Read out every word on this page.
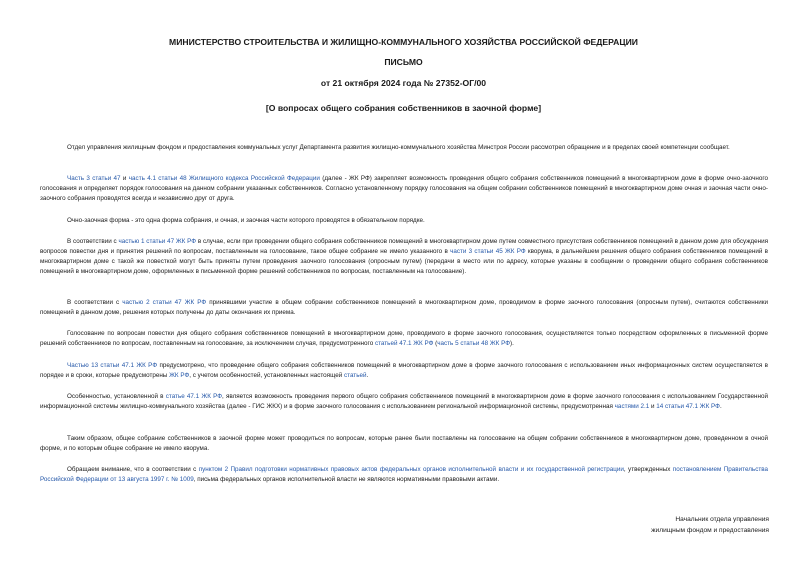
МИНИСТЕРСТВО СТРОИТЕЛЬСТВА И ЖИЛИЩНО-КОММУНАЛЬНОГО ХОЗЯЙСТВА РОССИЙСКОЙ ФЕДЕРАЦИИ
ПИСЬМО
от 21 октября 2024 года № 27352-ОГ/00
[О вопросах общего собрания собственников в заочной форме]
Отдел управления жилищным фондом и предоставления коммунальных услуг Департамента развития жилищно-коммунального хозяйства Минстроя России рассмотрел обращение и в пределах своей компетенции сообщает.
Часть 3 статьи 47 и часть 4.1 статьи 48 Жилищного кодекса Российской Федерации (далее - ЖК РФ) закрепляет возможность проведения общего собрания собственников помещений в многоквартирном доме в форме очно-заочного голосования и определяет порядок голосования на данном собрании указанных собственников. Согласно установленному порядку голосования на общем собрании собственников помещений в многоквартирном доме очная и заочная части очно-заочного собрания проводятся всегда и независимо друг от друга.
Очно-заочная форма - это одна форма собрания, и очная, и заочная части которого проводятся в обязательном порядке.
В соответствии с частью 1 статьи 47 ЖК РФ в случае, если при проведении общего собрания собственников помещений в многоквартирном доме путем совместного присутствия собственников помещений в данном доме для обсуждения вопросов повестки дня и принятия решений по вопросам, поставленным на голосование, такое общее собрание не имело указанного в части 3 статьи 45 ЖК РФ кворума, в дальнейшем решения общего собрания собственников помещений в многоквартирном доме с такой же повесткой могут быть приняты путем проведения заочного голосования (опросным путем) (передачи в место или по адресу, которые указаны в сообщении о проведении общего собрания собственников помещений в многоквартирном доме, оформленных в письменной форме решений собственников по вопросам, поставленным на голосование).
В соответствии с частью 2 статьи 47 ЖК РФ принявшими участие в общем собрании собственников помещений в многоквартирном доме, проводимом в форме заочного голосования (опросным путем), считаются собственники помещений в данном доме, решения которых получены до даты окончания их приема.
Голосование по вопросам повестки дня общего собрания собственников помещений в многоквартирном доме, проводимого в форме заочного голосования, осуществляется только посредством оформленных в письменной форме решений собственников по вопросам, поставленным на голосование, за исключением случая, предусмотренного статьей 47.1 ЖК РФ (часть 5 статьи 48 ЖК РФ).
Частью 13 статьи 47.1 ЖК РФ предусмотрено, что проведение общего собрания собственников помещений в многоквартирном доме в форме заочного голосования с использованием иных информационных систем осуществляется в порядке и в сроки, которые предусмотрены ЖК РФ, с учетом особенностей, установленных настоящей статьей.
Особенностью, установленной в статье 47.1 ЖК РФ, является возможность проведения первого общего собрания собственников помещений в многоквартирном доме в форме заочного голосования с использованием Государственной информационной системы жилищно-коммунального хозяйства (далее - ГИС ЖКХ) и в форме заочного голосования с использованием региональной информационной системы, предусмотренная частями 2.1 и 14 статьи 47.1 ЖК РФ.
Таким образом, общее собрание собственников в заочной форме может проводиться по вопросам, которые ранее были поставлены на голосование на общем собрании собственников в многоквартирном доме, проведенном в очной форме, и по которым общее собрание не имело кворума.
Обращаем внимание, что в соответствии с пунктом 2 Правил подготовки нормативных правовых актов федеральных органов исполнительной власти и их государственной регистрации, утвержденных постановлением Правительства Российской Федерации от 13 августа 1997 г. № 1009, письма федеральных органов исполнительной власти не являются нормативными правовыми актами.
Начальник отдела управления
жилищным фондом и предоставления
